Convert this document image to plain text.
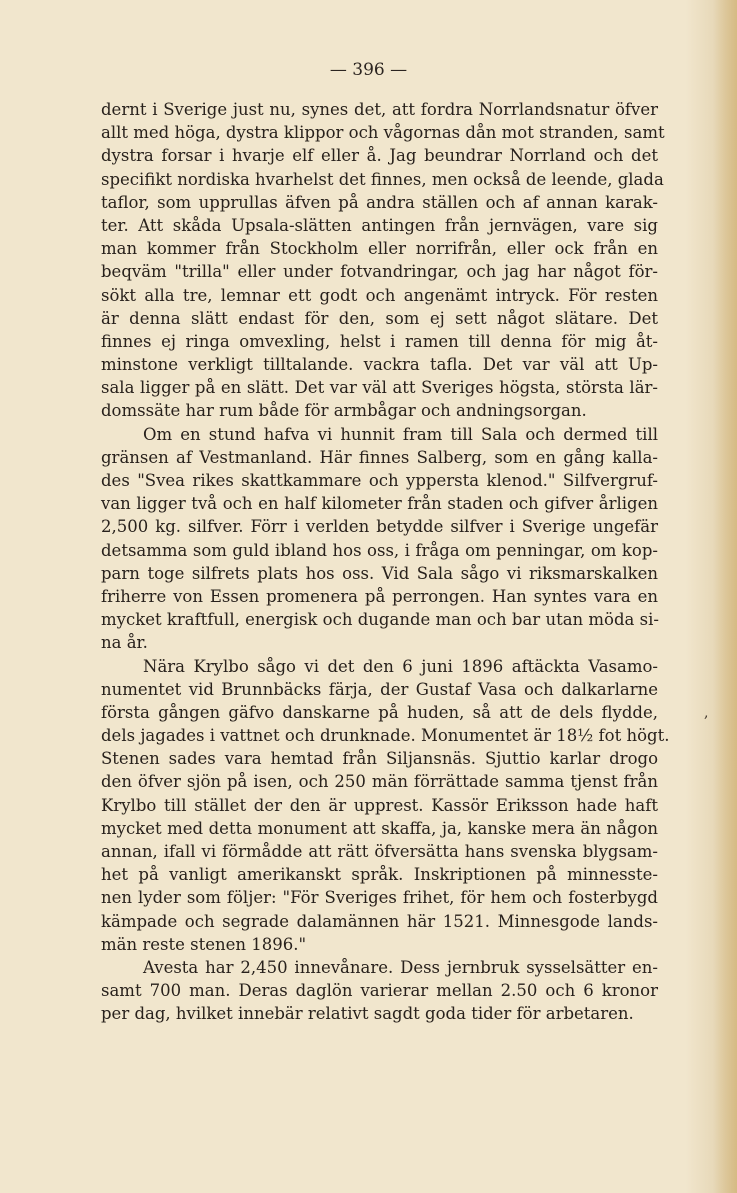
— 396 —
dernt i Sverige just nu, synes det, att fordra Norrlandsnatur öfver
allt med höga, dystra klippor och vågornas dån mot stranden, samt
dystra forsar i hvarje elf eller å. Jag beundrar Norrland och det
specifikt nordiska hvarhelst det finnes, men också de leende, glada
taflor, som upprullas äfven på andra ställen och af annan karak-
ter. Att skåda Upsala-slätten antingen från jernvägen, vare sig
man kommer från Stockholm eller norrifrån, eller ock från en
beqväm "trilla" eller under fotvandringar, och jag har något för-
sökt alla tre, lemnar ett godt och angenämt intryck. För resten
är denna slätt endast för den, som ej sett något slätare. Det
finnes ej ringa omvexling, helst i ramen till denna för mig åt-
minstone verkligt tilltalande. vackra tafla. Det var väl att Up-
sala ligger på en slätt. Det var väl att Sveriges högsta, största lär-
domssäte har rum både för armbågar och andningsorgan.
Om en stund hafva vi hunnit fram till Sala och dermed till
gränsen af Vestmanland. Här finnes Salberg, som en gång kalla-
des "Svea rikes skattkammare och yppersta klenod." Silfvergruf-
van ligger två och en half kilometer från staden och gifver årligen
2,500 kg. silfver. Förr i verlden betydde silfver i Sverige ungefär
detsamma som guld ibland hos oss, i fråga om penningar, om kop-
parn toge silfrets plats hos oss. Vid Sala sågo vi riksmarskalken
friherre von Essen promenera på perrongen. Han syntes vara en
mycket kraftfull, energisk och dugande man och bar utan möda si-
na år.
Nära Krylbo sågo vi det den 6 juni 1896 aftäckta Vasamo-
numentet vid Brunnbäcks färja, der Gustaf Vasa och dalkarlarne
första gången gäfvo danskarne på huden, så att de dels flydde,
dels jagades i vattnet och drunknade. Monumentet är 18½ fot högt.
Stenen sades vara hemtad från Siljansnäs. Sjuttio karlar drogo
den öfver sjön på isen, och 250 män förrättade samma tjenst från
Krylbo till stället der den är upprest. Kassör Eriksson hade haft
mycket med detta monument att skaffa, ja, kanske mera än någon
annan, ifall vi förmådde att rätt öfversätta hans svenska blygsam-
het på vanligt amerikanskt språk. Inskriptionen på minnesste-
nen lyder som följer: "För Sveriges frihet, för hem och fosterbygd
kämpade och segrade dalamännen här 1521. Minnesgode lands-
män reste stenen 1896."
Avesta har 2,450 innevånare. Dess jernbruk sysselsätter en-
samt 700 man. Deras daglön varierar mellan 2.50 och 6 kronor
per dag, hvilket innebär relativt sagdt goda tider för arbetaren.
,
